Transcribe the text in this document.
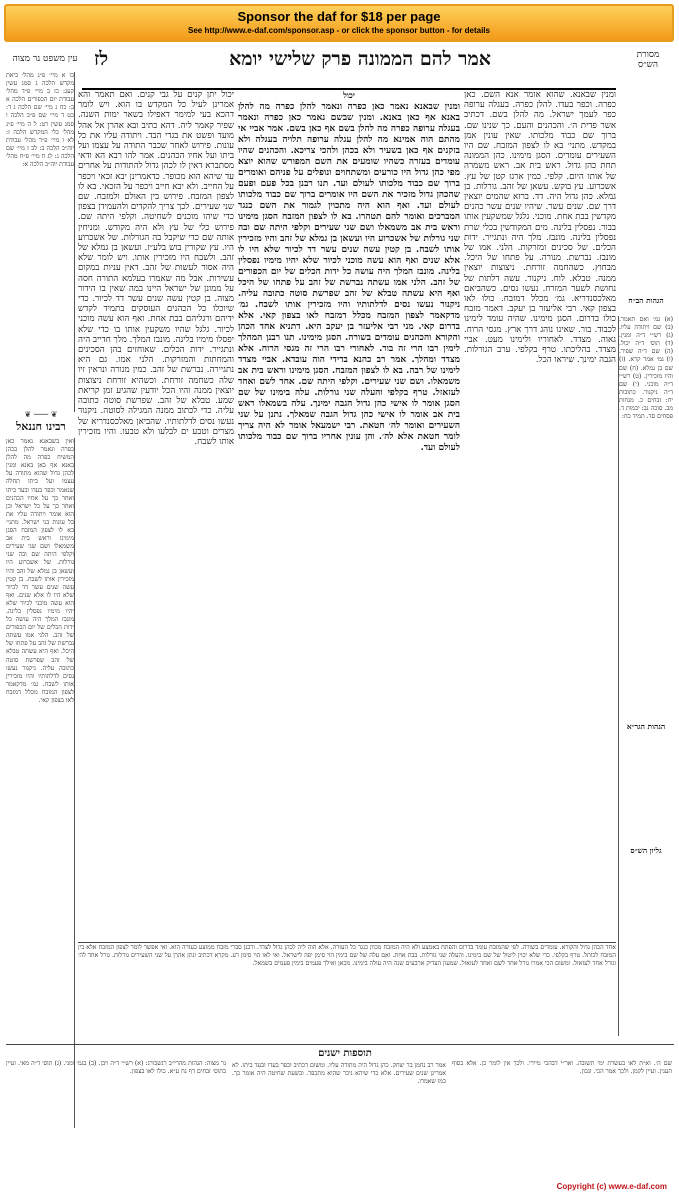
Sponsor the daf for $18 per page
See http://www.e-daf.com/sponsor.asp - or click the sponsor button - for details
עין משפט נר מצוה לז	אמר להם הממונה פרק שלישי יומא	מסורת הש״ס
כו א מיי׳ פ״ג מהל׳ ביאת מקדש הלכה ג סמג עשין קעג: כז ב מיי׳ פ״ד מהל׳ עבודת יום הכפורים הלכה א ב: כח ג מיי׳ שם הלכה ג ד: כט ד מיי׳ שם פ״ב הלכה ו סמג עשין רט: ל ה מיי׳ פ״ג מהל׳ כלי המקדש הלכה ז: לא ו מיי׳ פ״ד מהל׳ עבודת יוה״כ הלכה ב: לב ז מיי׳ שם הלכה ג: לג ח מיי׳ פ״ח מהל׳ עבודת יוה״כ הלכה א:
❦ ─── ❦
רבינו חננאל
ואין בשבאנא נאמר כאן כפרה ונאמר להלן בכהן המשיח כפרה מה להלן באנא אף כאן באנא ומנין לכהן גדול שהוא מתודה על עצמו ועל ביתו תחלה שנאמר וכפר בעדו ובעד ביתו ואחר כך על אחיו הכהנים ואחר כך על כל ישראל וכן הוא אומר ויתודה עליו את כל עונות בני ישראל. מתני׳ בא לו לצפון המזבח הסגן מימינו וראש בית אב משמאלו ושם שני שעירים וקלפי היתה שם ובה שני גורלות. של אשכרוע היו ועשאן בן גמלא של זהב והיו מזכירין אותו לשבח. בן קטין עשה שנים עשר דד לכיור שלא היו לו אלא שנים. ואף הוא עשה מוכני לכיור שלא יהיו מימיו נפסלין בלינה. מונבז המלך היה עושה כל ידות הכלים של יום הכפורים של זהב. הלני אמו עשתה נברשת של זהב על פתחו של היכל. ואף היא עשתה טבלא של זהב שפרשת סוטה כתובה עליה. ניקנור נעשו נסים לדלתותיו והיו מזכירין אותו לשבח. גמ׳ מדקאמר לצפון המזבח מכלל דמזבח לאו בצפון קאי.
יכול יתן קנים על גבי קנים. ואם תאמר והא אמרינן לעיל כל המקדש בו הוא. ויש לומר דהכא בעי למימר דאפילו בשאר ימות השנה. שפיר קאמר ליה. דהא כתיב ובא אהרן אל אהל מועד ופשט את בגדי הבד. ויתודה עליו את כל עונות. פירוש לאחר שכבר התודה על עצמו ועל ביתו ועל אחיו הכהנים. אמר להו רבא הא ודאי מסתברא דאין לו לכהן גדול להתודות על אחרים עד שיהא הוא מכופר. כדאמרינן יבא זכאי ויכפר על החייב. ולא יבא חייב ויכפר על הזכאי. בא לו לצפון המזבח. פירוש בין האולם ולמזבח. שם שני שעירים. לכך צריך להקדים ולהעמידן בצפון כדי שיהו מוכנים לשחיטה. וקלפי היתה שם. פירוש כלי של עץ ולא היה מקודש. ומניחין אותה שם כדי שיקבל בה הגורלות. של אשכרוע היו. עץ שקורין בוש בלע״ז. ועשאן בן גמלא של זהב. ולשבח היו מזכירין אותו. ויש לומר שלא היה אסור לעשות של זהב. דאין עניות במקום עשירות. אבל מה שאמרו בעלמא התורה חסה על ממונן של ישראל היינו במה שאין בו הידור מצוה. בן קטין עשה שנים עשר דד לכיור. כדי שיוכלו כל הכהנים העוסקים בתמיד לקדש ידיהם ורגליהם בבת אחת. ואף הוא עשה מוכני לכיור. גלגל שהיו משקעין אותו בו כדי שלא יפסלו מימיו בלינה. מונבז המלך. מלך חדייב היה ונתגייר. ידות הכלים. שאוחזים בהן הסכינים והמחתות והמזרקות. הלני אמו. גם היא נתגיירה. נברשת של זהב. כמין מנורה ונראין זיו שלה כשחמה זורחת. וכשהיא זורחת ניצוצות יוצאין ממנה והיו הכל יודעין שהגיע זמן קריאת שמע. טבלא של זהב. שפרשת סוטה כתובה עליה. כדי לכתוב ממנה המגילה לסוטה. ניקנור נעשו נסים לדלתותיו. שהביאן מאלכסנדריא של מצרים וטבע ים לבלעו ולא טבעו. והיו מזכירין אותו לשבח.
יכול
ומנין שבאנא נאמר כאן כפרה ונאמר להלן כפרה מה להלן באנא אף כאן באנא. ומנין שבשם נאמר כאן כפרה ונאמר בעגלה ערופה כפרה מה להלן בשם אף כאן בשם. אמר אביי אי מהתם הוה אמינא מה להלן עגלה ערופה תלויה בעגלה ולא בזקנים אף כאן בשעיר ולא בכהן ולהכי צריכא. והכהנים שהיו עומדים בעזרה כשהיו שומעים את השם המפורש שהוא יוצא מפי כהן גדול היו כורעים ומשתחוים ונופלים על פניהם ואומרים ברוך שם כבוד מלכותו לעולם ועד. תנו רבנן בכל פעם ופעם שהכהן גדול מזכיר את השם היו אומרים ברוך שם כבוד מלכותו לעולם ועד. ואף הוא היה מתכוין לגמור את השם כנגד המברכים ואומר להם תטהרו. בא לו לצפון המזבח הסגן מימינו וראש בית אב משמאלו ושם שני שעירים וקלפי היתה שם ובה שני גורלות של אשכרוע היו ועשאן בן גמלא של זהב והיו מזכירין אותו לשבח. בן קטין עשה שנים עשר דד לכיור שלא היו לו אלא שנים ואף הוא עשה מוכני לכיור שלא יהיו מימיו נפסלין בלינה. מונבז המלך היה עושה כל ידות הכלים של יום הכפורים של זהב. הלני אמו עשתה נברשת של זהב על פתחו של היכל ואף היא עשתה טבלא של זהב שפרשת סוטה כתובה עליה. ניקנור נעשו נסים לדלתותיו והיו מזכירין אותו לשבח. גמ׳ מדקאמר לצפון המזבח מכלל דמזבח לאו בצפון קאי. אלא בדרום קאי. מני רבי אליעזר בן יעקב היא. דתניא אחד הכהן והקורא והכהנים עומדים בשורה. הסגן מימינו. תנו רבנן המהלך לימין רבו הרי זה בור. לאחורי רבו הרי זה מגסי הרוח. אלא מצדד ומהלך. אמר רב כהנא בדידי הוה עובדא. אביי מצדד לימינו של רבה. בא לו לצפון המזבח. הסגן מימינו וראש בית אב משמאלו. ושם שני שעירים. וקלפי היתה שם. אחד לשם ואחד לעזאזל. טרף בקלפי והעלה שני גורלות. עלה בימינו של שם הסגן אומר לו אישי כהן גדול הגבה ימינך. עלה בשמאלו ראש בית אב אומר לו אישי כהן גדול הגבה שמאלך. נתנן על שני השעירים ואומר לה׳ חטאת. רבי ישמעאל אומר לא היה צריך לומר חטאת אלא לה׳. והן עונין אחריו ברוך שם כבוד מלכותו לעולם ועד.
ומנין שבאנא. שהוא אומר אנא השם. כאן כפרה. וכפר בעדו. להלן כפרה. בעגלה ערופה כפר לעמך ישראל. מה להלן בשם. דכתיב אשר פדית ה׳. והכהנים והעם. כך שנינו שם. ברוך שם כבוד מלכותו. שאין עונין אמן במקדש. מתני׳ בא לו לצפון המזבח. שם היו השעירים עומדים. הסגן מימינו. כהן הממונה תחת כהן גדול. ראש בית אב. ראש משמרה של אותו היום. קלפי. כמין ארגז קטן של עץ. אשכרוע. עץ בוקש. עשאן של זהב. גורלות. בן גמלא. כהן גדול היה. דד. ברזא שהמים יוצאין דרך שם. שנים עשר. שיהיו שנים עשר כהנים מקדשין בבת אחת. מוכני. גלגל שמשקעין אותו בבור. נפסלין בלינה. מים המקודשין בכלי שרת נפסלין בלינה. מונבז. מלך היה ונתגייר. ידות הכלים. של סכינים ומזרקות. הלני. אמו של מונבז. נברשת. מנורה. על פתחו של היכל. מבחוץ. כשהחמה זורחת. ניצוצות יוצאין ממנה. טבלא. לוח. ניקנור. עשה דלתות של נחושת לשער המזרח. נעשו נסים. כשהביאם מאלכסנדריא. גמ׳ מכלל דמזבח. כולו לאו בצפון קאי. רבי אליעזר בן יעקב. דאמר מזבח כולו בדרום. הסגן מימינו. שהיה עומד לימינו לכבוד. בור. שאינו נוהג דרך ארץ. מגסי הרוח. גאוה. מצדד. לאחוריו ולימינו מעט. אביי מצדד. בהליכתו. טרף בקלפי. ערב הגורלות. הגבה ימינך. שיראו הכל.
הגהות הב״ח
(א) גמ׳ ואם תאמר. (ב) שם ויתודה עליו. (ג) רש״י ד״ה ומנין. (ד) תוס׳ ד״ה יכול. (ה) שם ד״ה שפיר. (ו) גמ׳ אמר קרא. (ז) שם בן גמלא. (ח) שם והיו מזכירין. (ט) רש״י ד״ה מוכני. (י) שם ד״ה ניקנור. כתובות יח: זבחים כ. מנחות מב. סוכה נב: יבמות ד. פסחים סד. תמיד כח:
הגהות הגר״א
גליון הש״ס
אחד הכהן גדול והקורא. עומדים בשורה. לפי שהמזבח עומד בדרום והפתח באמצע ולא היה המזבח מכוון כנגד כל העזרה. אלא הוה ליה לכהן גדול לצדד. ורבנן סברי מזבח ממוצע בעזרה הוא. ואי אפשר לומר לצפון המזבח אלא בין המזבח לכותל. טרף בקלפי. כדי שלא יכוין ליטול של שם בימינו. והעלה שני גורלות. בבת אחת. ואם עלה של שם בימין הוי סימן יפה לישראל. ואי לאו הוי סימן רע. מקרא דכתיב ונתן אהרן על שני השעירים גורלות. גורל אחד לה׳ וגורל אחד לעזאזל. ומשום הכי אמרו גורל אחד לשם ואחד לעזאזל. שמעון הצדיק ארבעים שנה היה עולה בימינו. מכאן ואילך פעמים בימין פעמים בשמאל.
תוספות ישנים
נר מצוה: הגהות מהרי״ב רנשבורג: (א) רש״י ד״ה ויבן. (ב) בגמ׳ ומני. (ג) תוס׳ ד״ה מאי. ועיין בתוס׳ זבחים דף נח ע״א. כולו לאו בצפון.
אמר רב נחמן בר יצחק. כהן גדול היה מתודה עליו. ומשום דכתיב וכפר בעדו ובעד ביתו. לא אמרינן שנים שעירים. אלא כדי שיהא ניכר שהוא מתכפר. ובשעת שחיטה היה אומר כך. כמו שאמרו.
שם ה׳. וא״ת לאו בעשרת ימי תשובה. ואר״י דבהכי מיירי. ולכך אין לומר כן. אלא בסוף הענין. ועיין לקמן. ולכך אמר הכי. ונכון.
Copyright (c) www.e-daf.com
